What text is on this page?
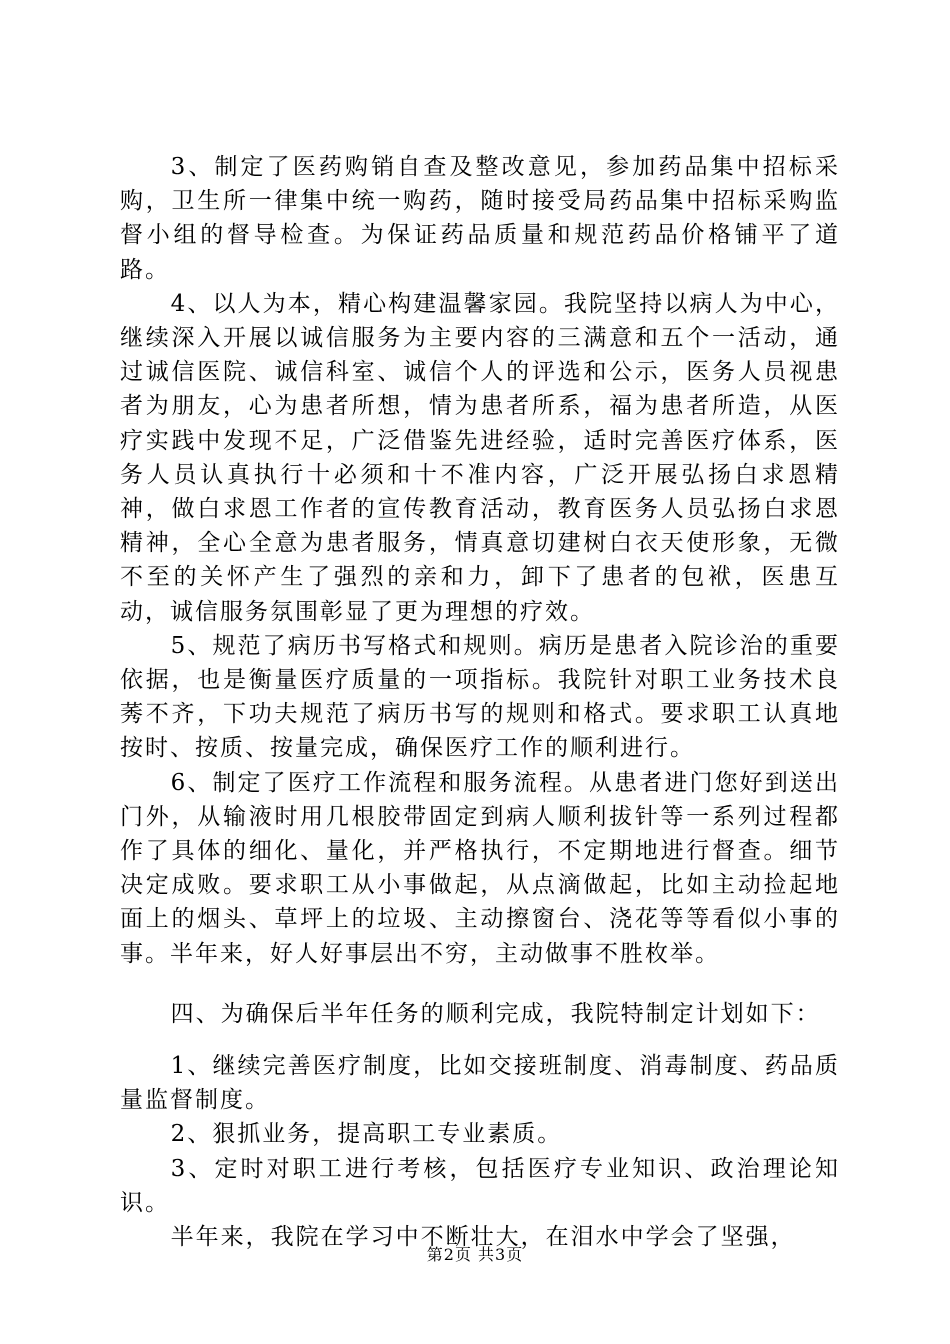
3、制定了医药购销自查及整改意见，参加药品集中招标采购，卫生所一律集中统一购药，随时接受局药品集中招标采购监督小组的督导检查。为保证药品质量和规范药品价格铺平了道路。

4、以人为本，精心构建温馨家园。我院坚持以病人为中心，继续深入开展以诚信服务为主要内容的三满意和五个一活动，通过诚信医院、诚信科室、诚信个人的评选和公示，医务人员视患者为朋友，心为患者所想，情为患者所系，福为患者所造，从医疗实践中发现不足，广泛借鉴先进经验，适时完善医疗体系，医务人员认真执行十必须和十不准内容，广泛开展弘扬白求恩精神，做白求恩工作者的宣传教育活动，教育医务人员弘扬白求恩精神，全心全意为患者服务，情真意切建树白衣天使形象，无微不至的关怀产生了强烈的亲和力，卸下了患者的包袱，医患互动，诚信服务氛围彰显了更为理想的疗效。

5、规范了病历书写格式和规则。病历是患者入院诊治的重要依据，也是衡量医疗质量的一项指标。我院针对职工业务技术良莠不齐，下功夫规范了病历书写的规则和格式。要求职工认真地按时、按质、按量完成，确保医疗工作的顺利进行。

6、制定了医疗工作流程和服务流程。从患者进门您好到送出门外，从输液时用几根胶带固定到病人顺利拔针等一系列过程都作了具体的细化、量化，并严格执行，不定期地进行督查。细节决定成败。要求职工从小事做起，从点滴做起，比如主动捡起地面上的烟头、草坪上的垃圾、主动擦窗台、浇花等等看似小事的事。半年来，好人好事层出不穷，主动做事不胜枚举。

四、为确保后半年任务的顺利完成，我院特制定计划如下：

1、继续完善医疗制度，比如交接班制度、消毒制度、药品质量监督制度。

2、狠抓业务，提高职工专业素质。

3、定时对职工进行考核，包括医疗专业知识、政治理论知识。

半年来，我院在学习中不断壮大，在泪水中学会了坚强，

第2页 共3页
